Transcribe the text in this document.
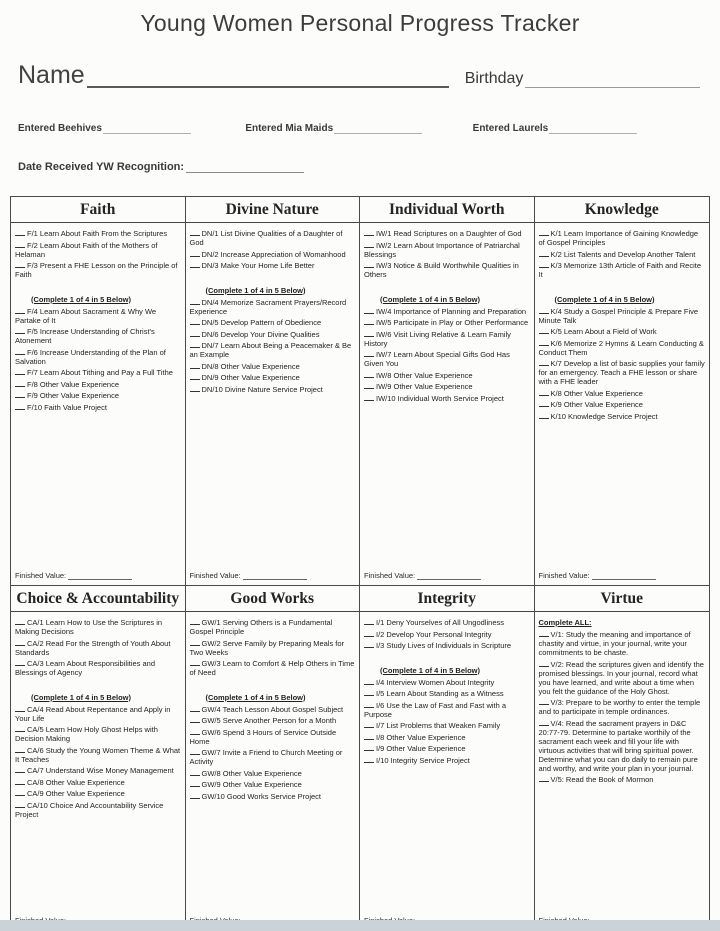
Young Women Personal Progress Tracker
Name	Birthday
Entered Beehives	Entered Mia Maids	Entered Laurels
Date Received YW Recognition:
Faith
F/1 Learn About Faith From the Scriptures
F/2 Learn About Faith of the Mothers of Helaman
F/3 Present a FHE Lesson on the Principle of Faith
(Complete 1 of 4 in 5 Below)
F/4 Learn About Sacrament & Why We Partake of It
F/5 Increase Understanding of Christ's Atonement
F/6 Increase Understanding of the Plan of Salvation
F/7 Learn About Tithing and Pay a Full Tithe
F/8 Other Value Experience
F/9 Other Value Experience
F/10 Faith Value Project
Finished Value:
Divine Nature
DN/1 List Divine Qualities of a Daughter of God
DN/2 Increase Appreciation of Womanhood
DN/3 Make Your Home Life Better
(Complete 1 of 4 in 5 Below)
DN/4 Memorize Sacrament Prayers/Record Experience
DN/5 Develop Pattern of Obedience
DN/6 Develop Your Divine Qualities
DN/7 Learn About Being a Peacemaker & Be an Example
DN/8 Other Value Experience
DN/9 Other Value Experience
DN/10 Divine Nature Service Project
Finished Value:
Individual Worth
IW/1 Read Scriptures on a Daughter of God
IW/2 Learn About Importance of Patriarchal Blessings
IW/3 Notice & Build Worthwhile Qualities in Others
(Complete 1 of 4 in 5 Below)
IW/4 Importance of Planning and Preparation
IW/5 Participate in Play or Other Performance
IW/6 Visit Living Relative & Learn Family History
IW/7 Learn About Special Gifts God Has Given You
IW/8 Other Value Experience
IW/9 Other Value Experience
IW/10 Individual Worth Service Project
Finished Value:
Knowledge
K/1 Learn Importance of Gaining Knowledge of Gospel Principles
K/2 List Talents and Develop Another Talent
K/3 Memorize 13th Article of Faith and Recite It
(Complete 1 of 4 in 5 Below)
K/4 Study a Gospel Principle & Prepare Five Minute Talk
K/5 Learn About a Field of Work
K/6 Memorize 2 Hymns & Learn Conducting & Conduct Them
K/7 Develop a list of basic supplies your family for an emergency. Teach a FHE lesson or share with a FHE leader
K/8 Other Value Experience
K/9 Other Value Experience
K/10 Knowledge Service Project
Finished Value:
Choice & Accountability
CA/1 Learn How to Use the Scriptures in Making Decisions
CA/2 Read For the Strength of Youth About Standards
CA/3 Learn About Responsibilities and Blessings of Agency
(Complete 1 of 4 in 5 Below)
CA/4 Read About Repentance and Apply in Your Life
CA/5 Learn How Holy Ghost Helps with Decision Making
CA/6 Study the Young Women Theme & What It Teaches
CA/7 Understand Wise Money Management
CA/8 Other Value Experience
CA/9 Other Value Experience
CA/10 Choice And Accountability Service Project
Good Works
GW/1 Serving Others is a Fundamental Gospel Principle
GW/2 Serve Family by Preparing Meals for Two Weeks
GW/3 Learn to Comfort & Help Others in Time of Need
(Complete 1 of 4 in 5 Below)
GW/4 Teach Lesson About Gospel Subject
GW/5 Serve Another Person for a Month
GW/6 Spend 3 Hours of Service Outside Home
GW/7 Invite a Friend to Church Meeting or Activity
GW/8 Other Value Experience
GW/9 Other Value Experience
GW/10 Good Works Service Project
Integrity
I/1 Deny Yourselves of All Ungodliness
I/2 Develop Your Personal Integrity
I/3 Study Lives of Individuals in Scripture
(Complete 1 of 4 in 5 Below)
I/4 Interview Women About Integrity
I/5 Learn About Standing as a Witness
I/6 Use the Law of Fast and Fast with a Purpose
I/7 List Problems that Weaken Family
I/8 Other Value Experience
I/9 Other Value Experience
I/10 Integrity Service Project
Virtue
Complete ALL:
V/1: Study the meaning and importance of chastity and virtue, in your journal, write your commitments to be chaste.
V/2: Read the scriptures given and identify the promised blessings. In your journal, record what you have learned, and write about a time when you felt the guidance of the Holy Ghost.
V/3: Prepare to be worthy to enter the temple and to participate in temple ordinances.
V/4: Read the sacrament prayers in D&C 20:77-79. Determine to partake worthily of the sacrament each week and fill your life with virtuous activities that will bring spiritual power. Determine what you can do daily to remain pure and worthy, and write your plan in your journal.
V/5: Read the Book of Mormon
